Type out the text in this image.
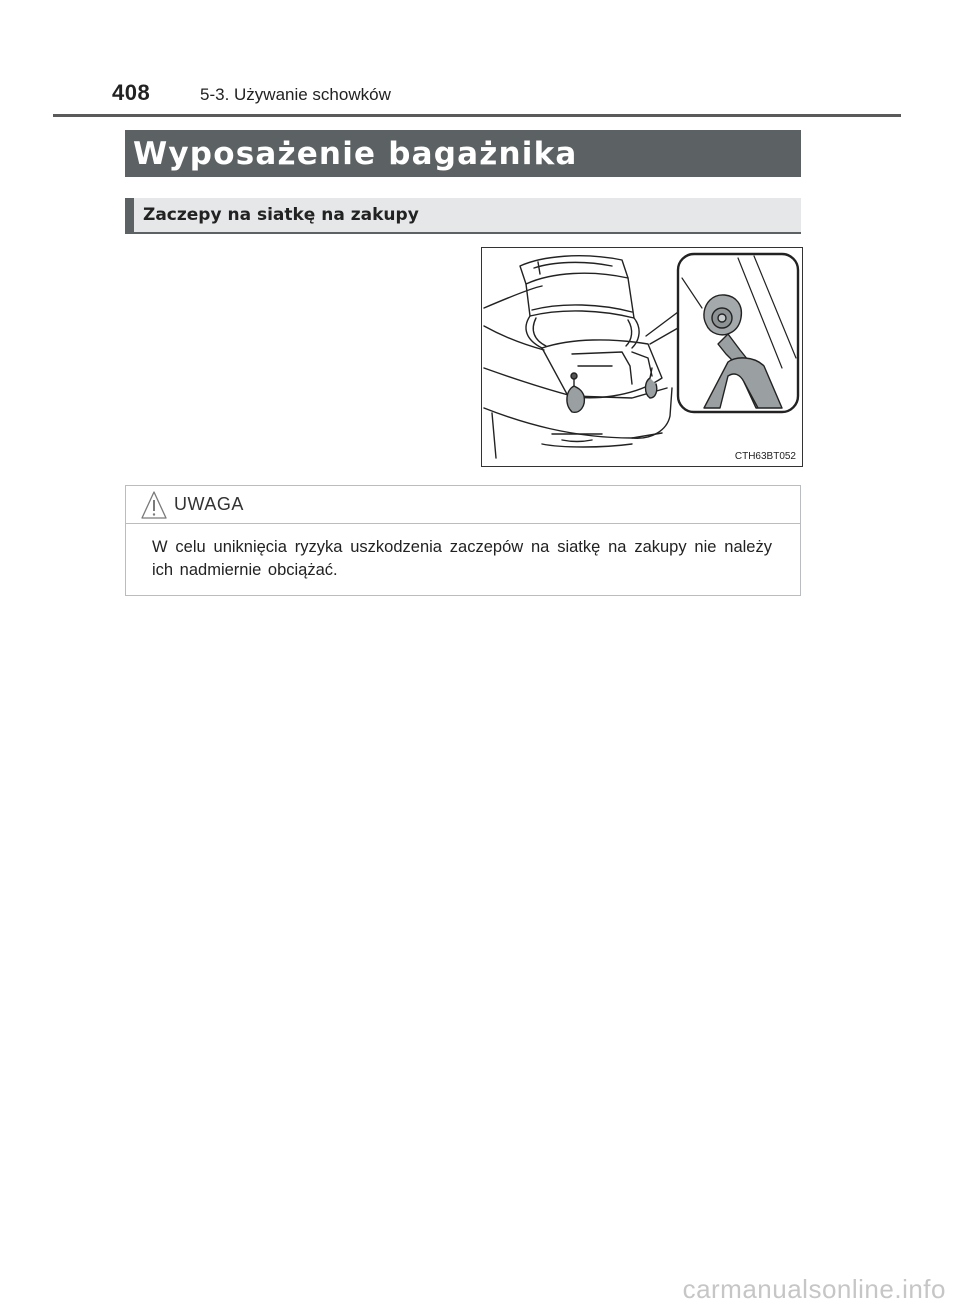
408	5-3. Używanie schowków
Wyposażenie bagażnika
Zaczepy na siatkę na zakupy
CTH63BT052
UWAGA
W celu uniknięcia ryzyka uszkodzenia zaczepów na siatkę na zakupy nie należy ich nadmiernie obciążać.
carmanualsonline.info
